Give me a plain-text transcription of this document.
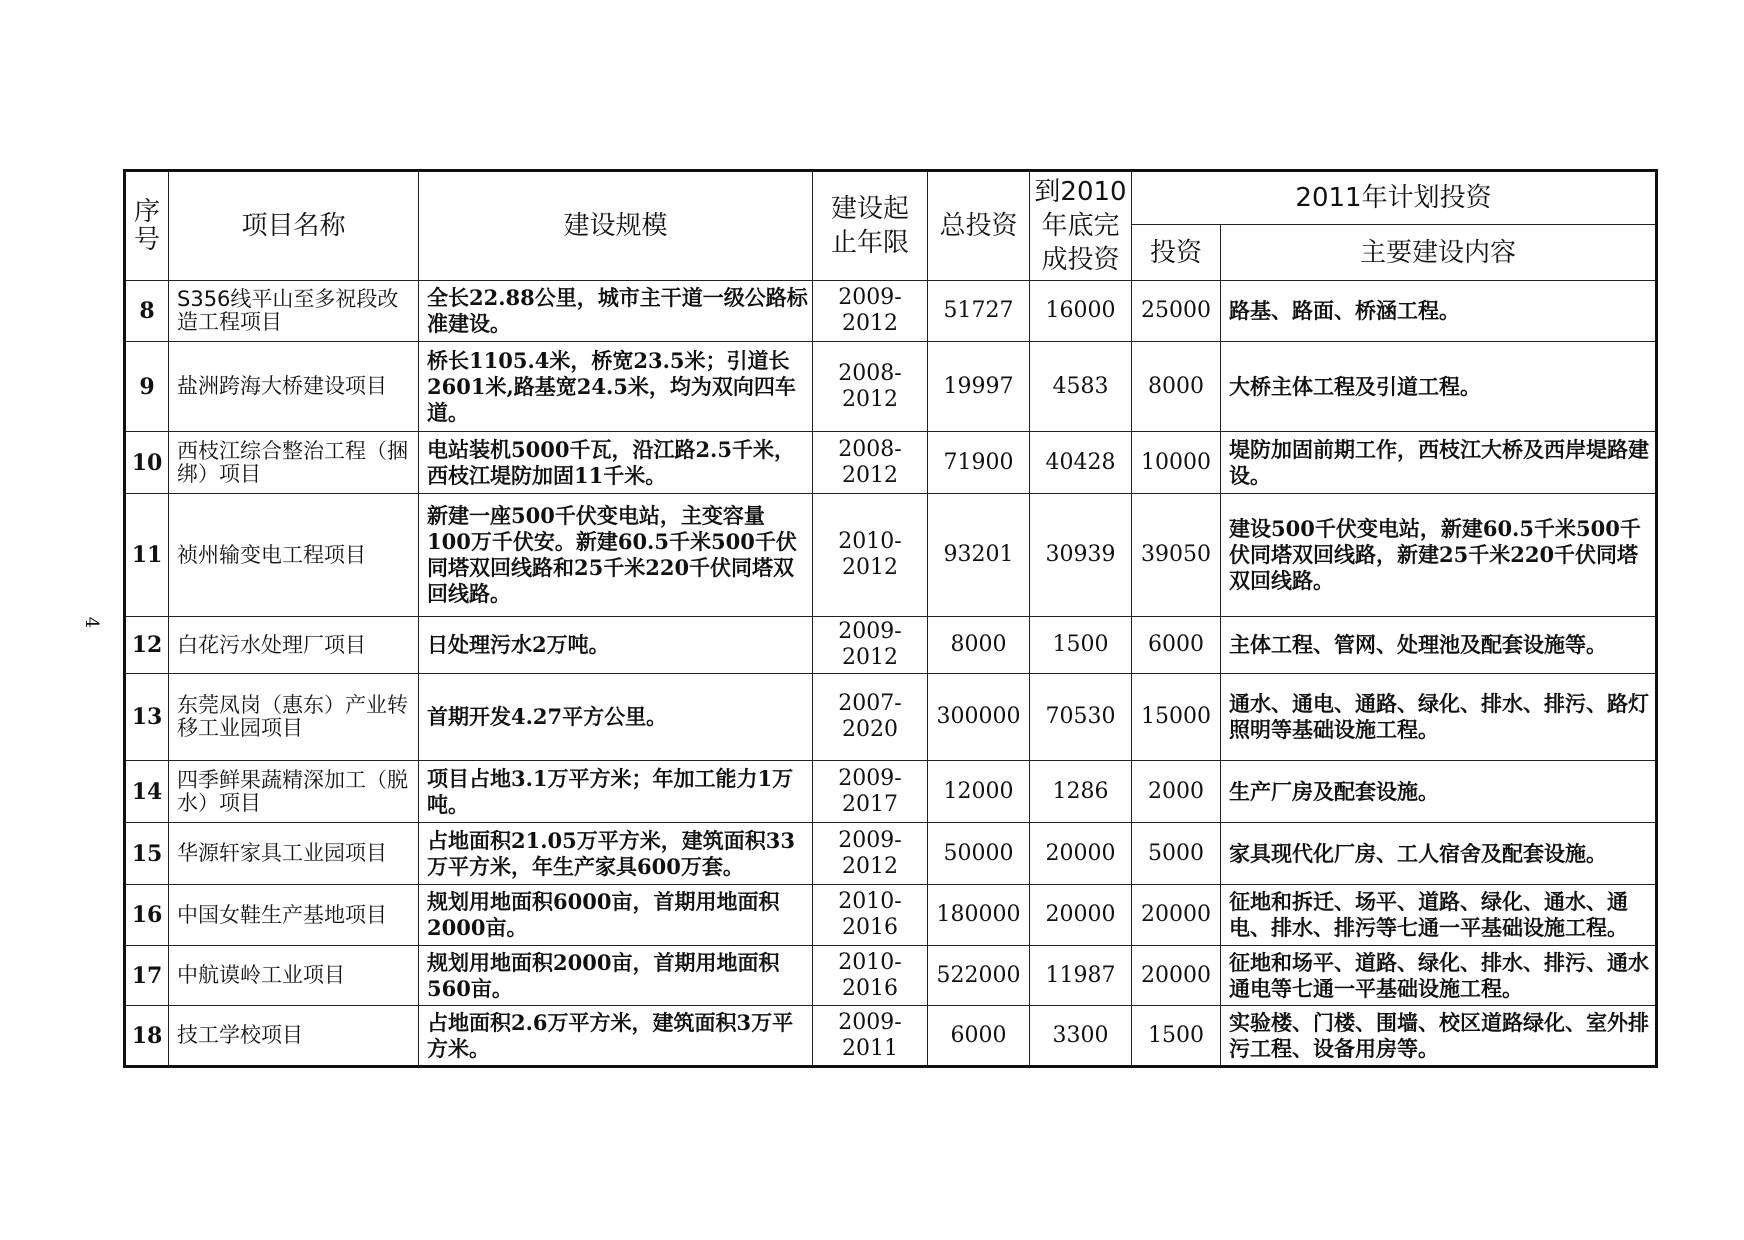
4
序
号	项目名称	建设规模	建设起止年限	总投资	到2010年底完成投资	2011年计划投资	
						投资	主要建设内容
8	S356线平山至多祝段改造工程项目	全长22.88公里，城市主干道一级公路标准建设。	2009-2012	51727	16000	25000	路基、路面、桥涵工程。
9	盐洲跨海大桥建设项目	桥长1105.4米，桥宽23.5米；引道长2601米,路基宽24.5米，均为双向四车道。	2008-2012	19997	4583	8000	大桥主体工程及引道工程。
10	西枝江综合整治工程（捆绑）项目	电站装机5000千瓦，沿江路2.5千米，西枝江堤防加固11千米。	2008-2012	71900	40428	10000	堤防加固前期工作，西枝江大桥及西岸堤路建设。
11	祯州输变电工程项目	新建一座500千伏变电站，主变容量100万千伏安。新建60.5千米500千伏同塔双回线路和25千米220千伏同塔双回线路。	2010-2012	93201	30939	39050	建设500千伏变电站，新建60.5千米500千伏同塔双回线路，新建25千米220千伏同塔双回线路。
12	白花污水处理厂项目	日处理污水2万吨。	2009-2012	8000	1500	6000	主体工程、管网、处理池及配套设施等。
13	东莞凤岗（惠东）产业转移工业园项目	首期开发4.27平方公里。	2007-2020	300000	70530	15000	通水、通电、通路、绿化、排水、排污、路灯照明等基础设施工程。
14	四季鲜果蔬精深加工（脱水）项目	项目占地3.1万平方米；年加工能力1万吨。	2009-2017	12000	1286	2000	生产厂房及配套设施。
15	华源轩家具工业园项目	占地面积21.05万平方米，建筑面积33万平方米，年生产家具600万套。	2009-2012	50000	20000	5000	家具现代化厂房、工人宿舍及配套设施。
16	中国女鞋生产基地项目	规划用地面积6000亩，首期用地面积2000亩。	2010-2016	180000	20000	20000	征地和拆迁、场平、道路、绿化、通水、通电、排水、排污等七通一平基础设施工程。
17	中航谟岭工业项目	规划用地面积2000亩，首期用地面积560亩。	2010-2016	522000	11987	20000	征地和场平、道路、绿化、排水、排污、通水通电等七通一平基础设施工程。
18	技工学校项目	占地面积2.6万平方米，建筑面积3万平方米。	2009-2011	6000	3300	1500	实验楼、门楼、围墙、校区道路绿化、室外排污工程、设备用房等。
